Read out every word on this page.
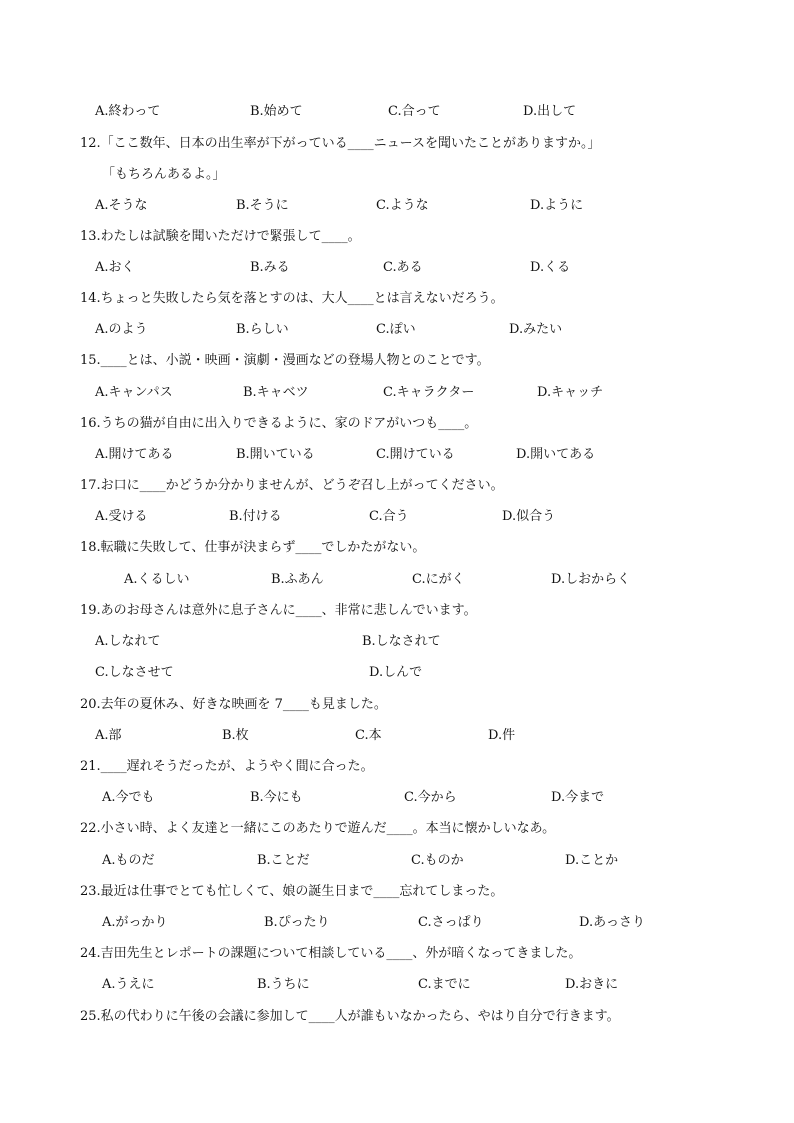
A.終わって	B.始めて	C.合って	D.出して
12.「ここ数年、日本の出生率が下がっている____ニュースを聞いたことがありますか。」
「もちろんあるよ。」
A.そうな	B.そうに	C.ような	D.ように
13.わたしは試験を聞いただけで緊張して____。
A.おく	B.みる	C.ある	D.くる
14.ちょっと失敗したら気を落とすのは、大人____とは言えないだろう。
A.のよう	B.らしい	C.ぽい	D.みたい
15.____とは、小説・映画・演劇・漫画などの登場人物とのことです。
A.キャンパス	B.キャベツ	C.キャラクター	D.キャッチ
16.うちの猫が自由に出入りできるように、家のドアがいつも____。
A.開けてある	B.開いている	C.開けている	D.開いてある
17.お口に____かどうか分かりませんが、どうぞ召し上がってください。
A.受ける	B.付ける	C.合う	D.似合う
18.転職に失敗して、仕事が決まらず____でしかたがない。
A.くるしい	B.ふあん	C.にがく	D.しおからく
19.あのお母さんは意外に息子さんに____、非常に悲しんでいます。
A.しなれて	B.しなされて
C.しなさせて	D.しんで
20.去年の夏休み、好きな映画を 7____も見ました。
A.部	B.枚	C.本	D.件
21.____遅れそうだったが、ようやく間に合った。
A.今でも	B.今にも	C.今から	D.今まで
22.小さい時、よく友達と一緒にこのあたりで遊んだ____。本当に懐かしいなあ。
A.ものだ	B.ことだ	C.ものか	D.ことか
23.最近は仕事でとても忙しくて、娘の誕生日まで____忘れてしまった。
A.がっかり	B.ぴったり	C.さっぱり	D.あっさり
24.吉田先生とレポートの課題について相談している____、外が暗くなってきました。
A.うえに	B.うちに	C.までに	D.おきに
25.私の代わりに午後の会議に参加して____人が誰もいなかったら、やはり自分で行きます。
